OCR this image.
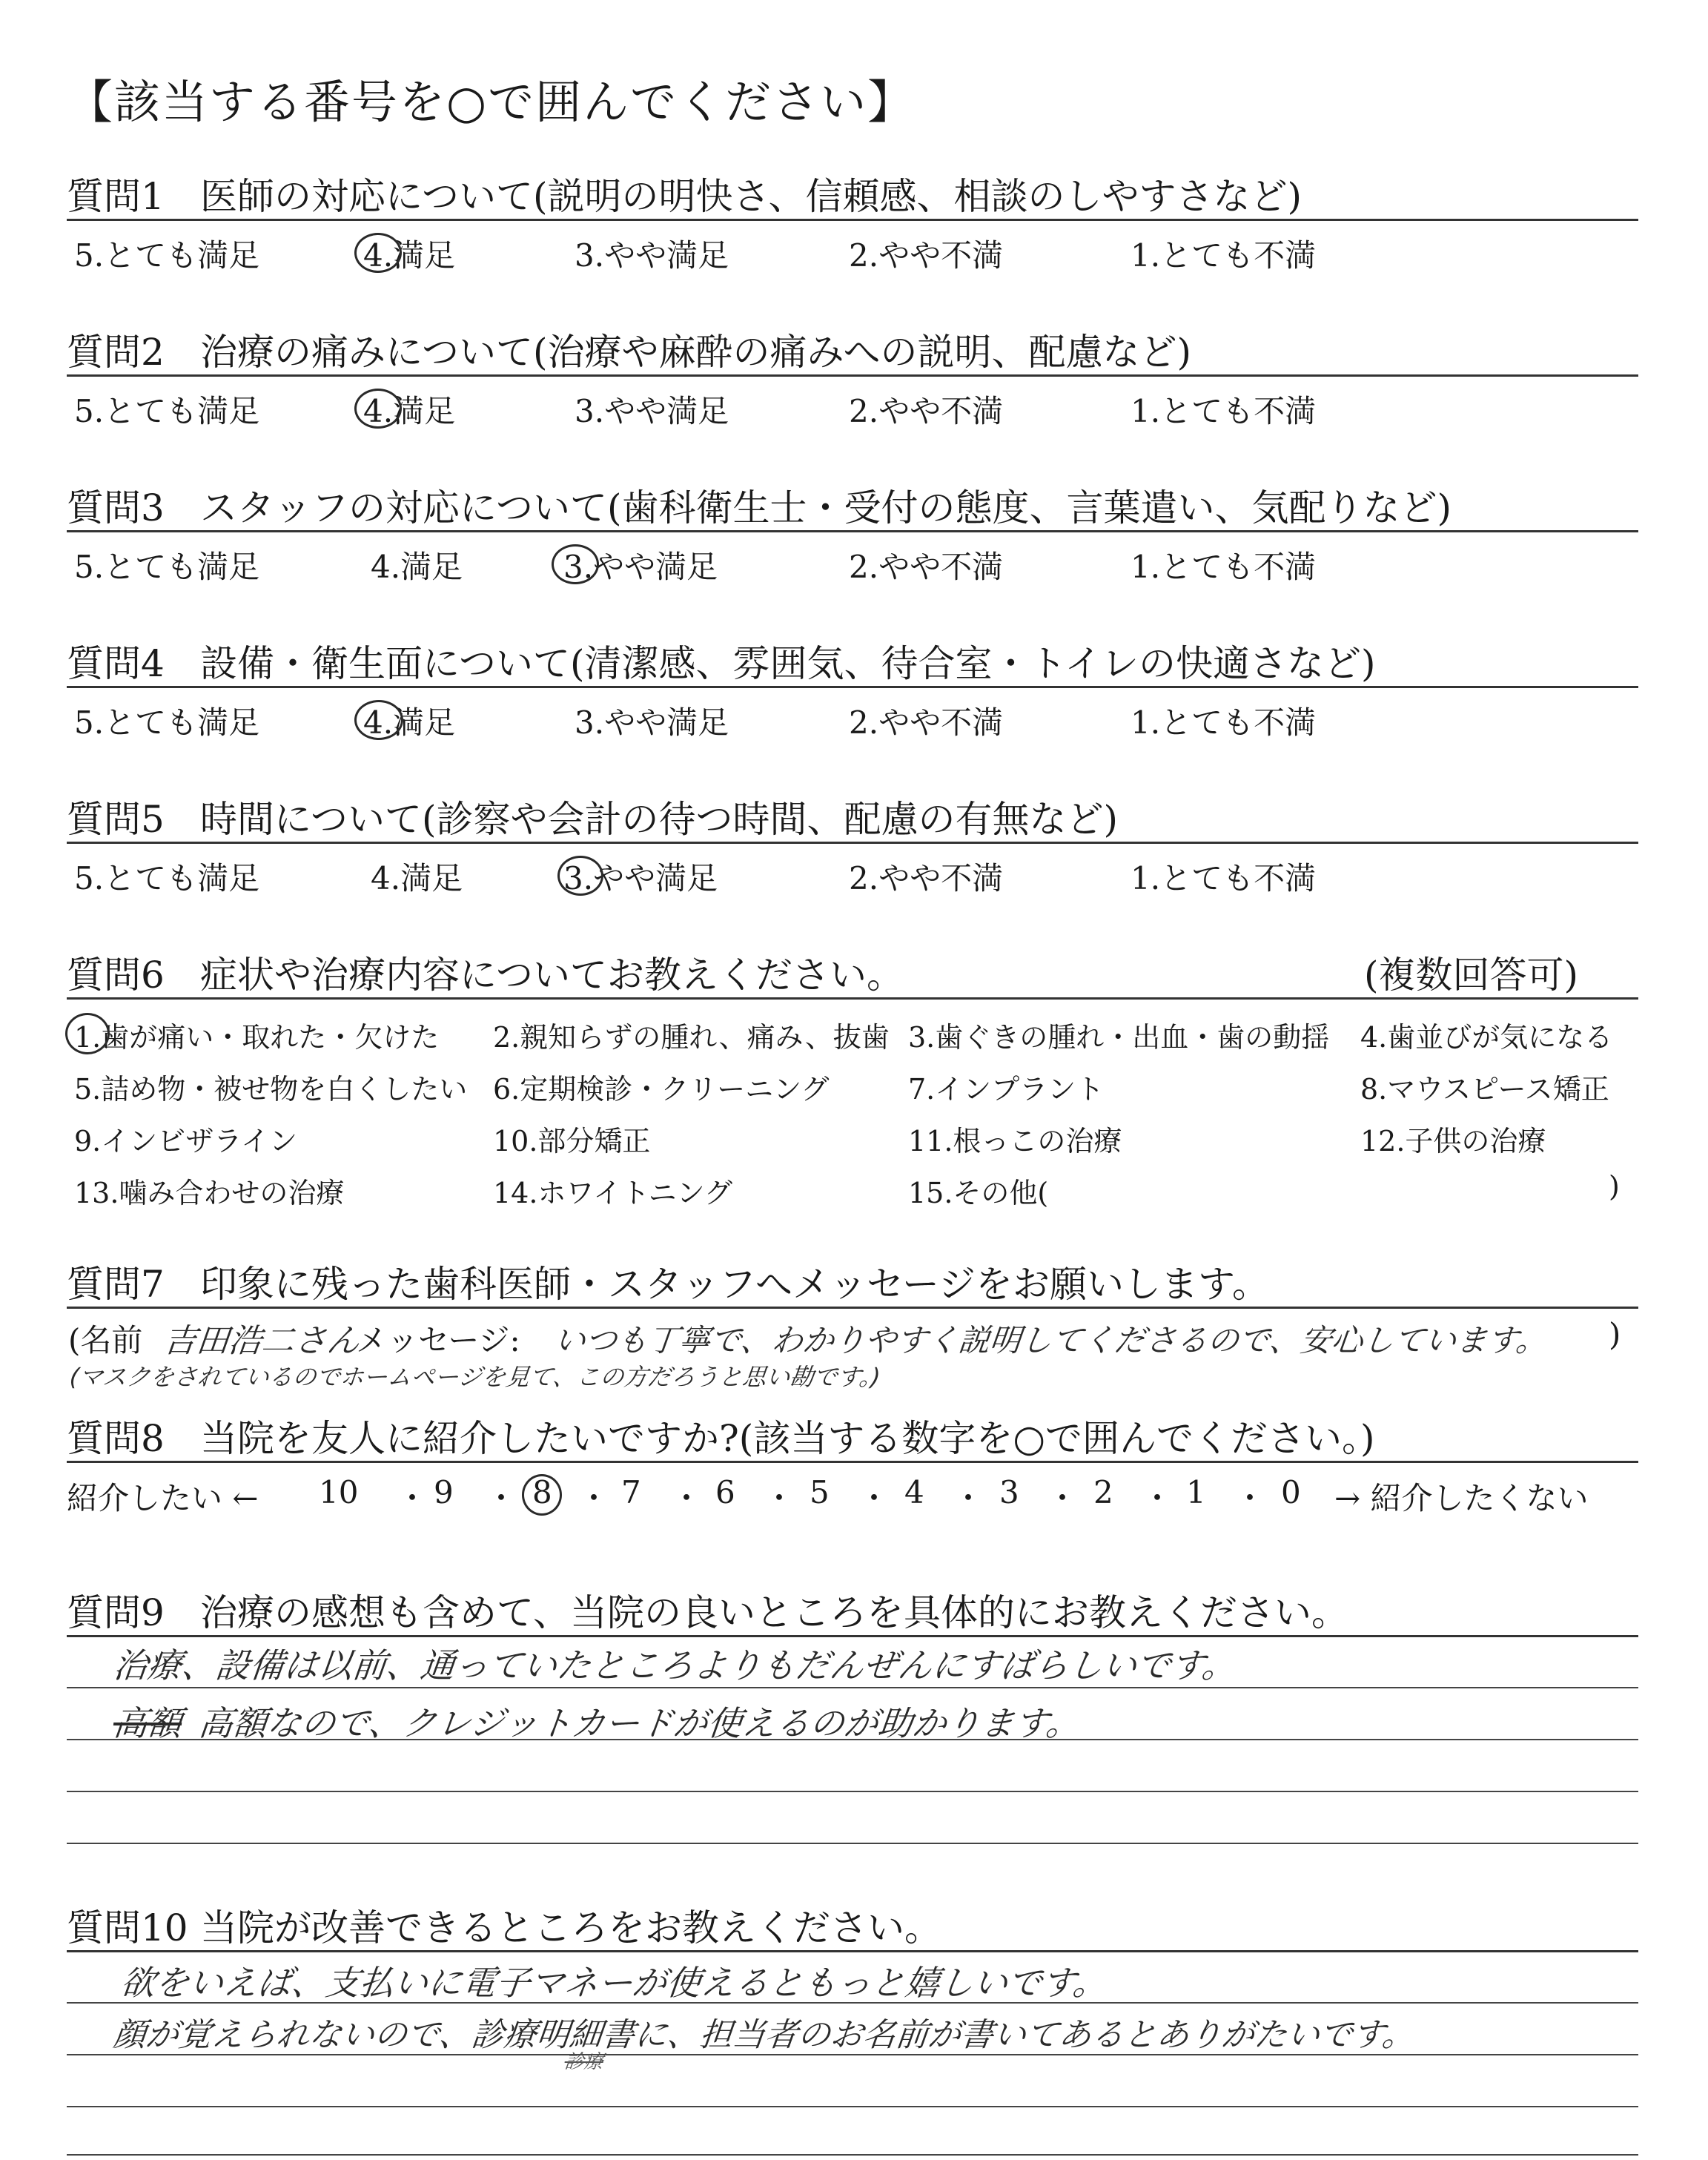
【該当する番号を○で囲んでください】
質問1 医師の対応について(説明の明快さ、信頼感、相談のしやすさなど)
5.とても満足	4.満足	3.やや満足	2.やや不満	1.とても不満
質問2 治療の痛みについて(治療や麻酔の痛みへの説明、配慮など)
5.とても満足	4.満足	3.やや満足	2.やや不満	1.とても不満
質問3 スタッフの対応について(歯科衛生士・受付の態度、言葉遣い、気配りなど)
5.とても満足	4.満足	3.やや満足	2.やや不満	1.とても不満
質問4 設備・衛生面について(清潔感、雰囲気、待合室・トイレの快適さなど)
5.とても満足	4.満足	3.やや満足	2.やや不満	1.とても不満
質問5 時間について(診察や会計の待つ時間、配慮の有無など)
5.とても満足	4.満足	3.やや満足	2.やや不満	1.とても不満
質問6 症状や治療内容についてお教えください。	(複数回答可)
1.歯が痛い・取れた・欠けた 2.親知らずの腫れ、痛み、抜歯 3.歯ぐきの腫れ・出血・歯の動揺 4.歯並びが気になる
5.詰め物・被せ物を白くしたい 6.定期検診・クリーニング	7.インプラント	8.マウスピース矯正
9.インビザライン	10.部分矯正	11.根っこの治療	12.子供の治療
13.噛み合わせの治療	14.ホワイトニング	15.その他(	)
質問7 印象に残った歯科医師・スタッフへメッセージをお願いします。
(名前 吉田浩二さん
メッセージ: いつも丁寧で、わかりやすく説明してくださるので、安心しています。 )
(マスクをされているのでホームページを見て、この方だろうと思い勘です。)
質問8 当院を友人に紹介したいですか?(該当する数字を○で囲んでください。)
紹介したい ← 10 ・ 9 ・ 8 ・ 7 ・ 6 ・ 5 ・ 4 ・ 3 ・ 2 ・ 1 ・ 0 → 紹介したくない
質問9 治療の感想も含めて、当院の良いところを具体的にお教えください。
治療、設備は以前、通っていたところよりもだんぜんにすばらしいです。
高額 高額なので、クレジットカードが使えるのが助かります。
質問10 当院が改善できるところをお教えください。
欲をいえば、支払いに電子マネーが使えるともっと嬉しいです。
顔が覚えられないので、診療明細書に、担当者のお名前が書いてあるとありがたいです。
診療
